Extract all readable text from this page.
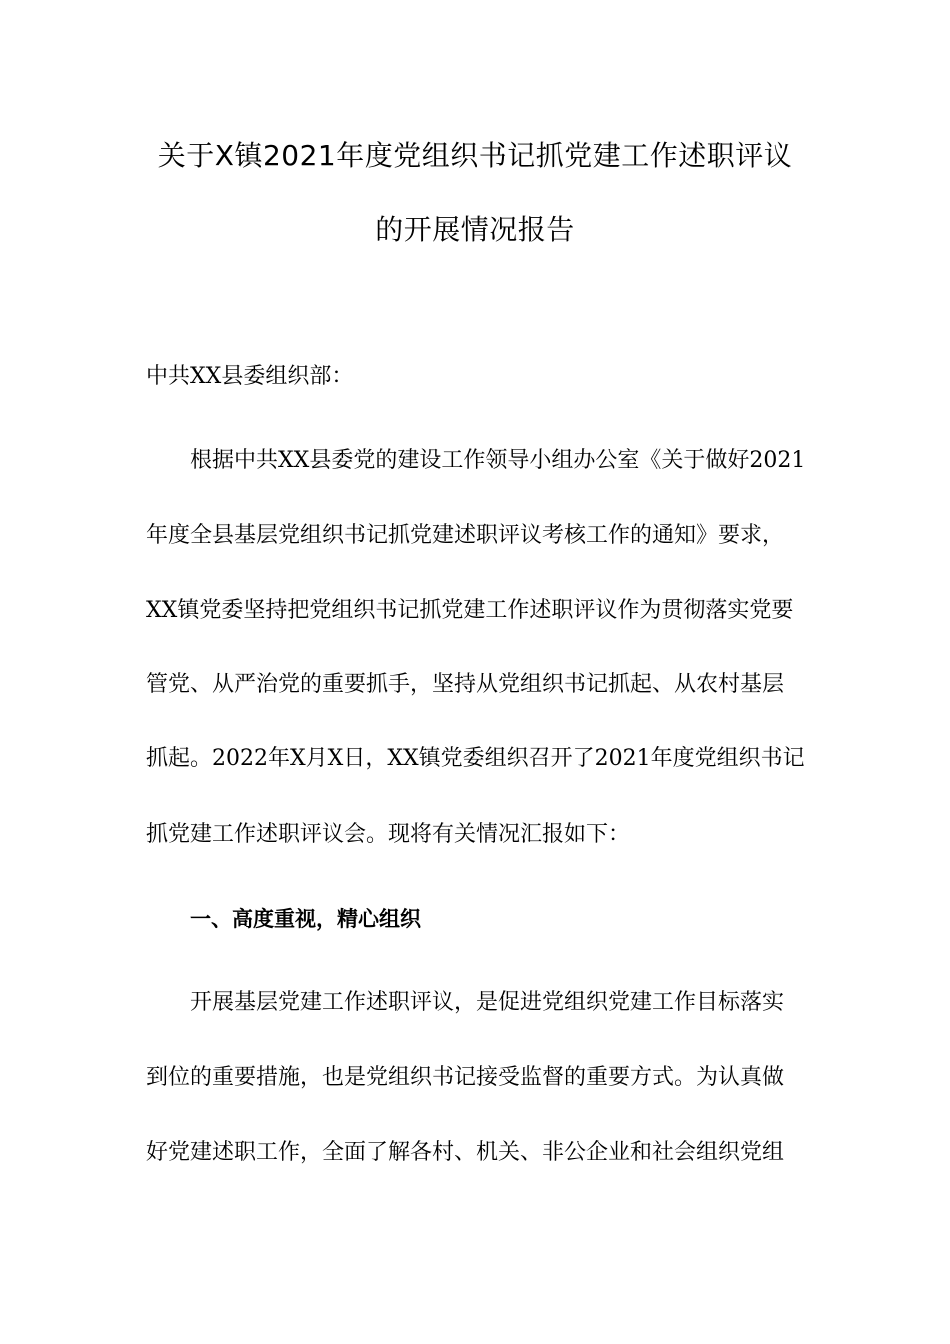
关于X镇2021年度党组织书记抓党建工作述职评议
的开展情况报告
中共XX县委组织部：
根据中共XX县委党的建设工作领导小组办公室《关于做好2021
年度全县基层党组织书记抓党建述职评议考核工作的通知》要求，
XX镇党委坚持把党组织书记抓党建工作述职评议作为贯彻落实党要
管党、从严治党的重要抓手，坚持从党组织书记抓起、从农村基层
抓起。2022年X月X日，XX镇党委组织召开了2021年度党组织书记
抓党建工作述职评议会。现将有关情况汇报如下：
一、高度重视，精心组织
开展基层党建工作述职评议，是促进党组织党建工作目标落实
到位的重要措施，也是党组织书记接受监督的重要方式。为认真做
好党建述职工作，全面了解各村、机关、非公企业和社会组织党组
